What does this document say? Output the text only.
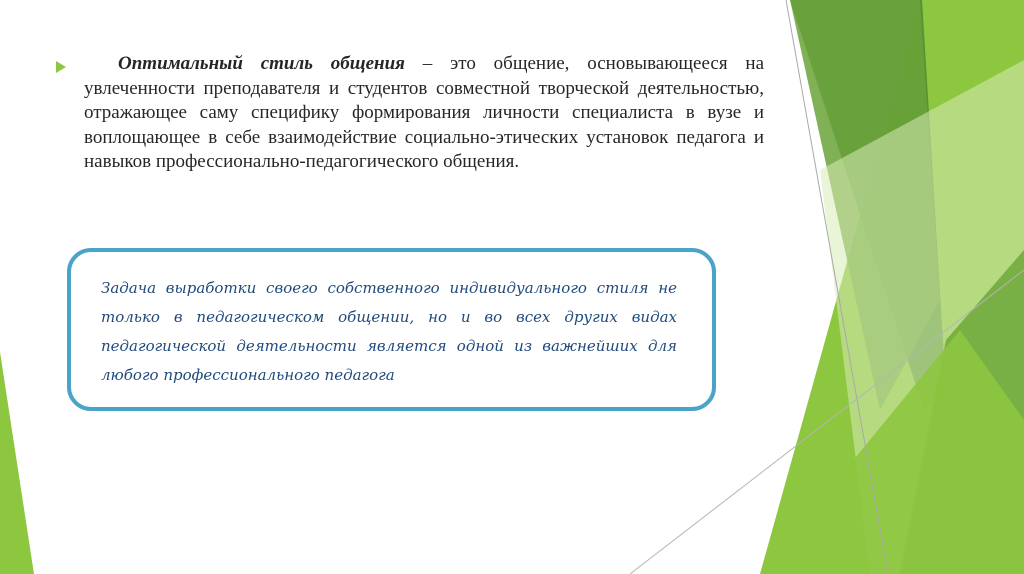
Оптимальный стиль общения – это общение, основывающееся на увлеченности преподавателя и студентов совместной творческой деятельностью, отражающее саму специфику формирования личности специалиста в вузе и воплощающее в себе взаимодействие социально-этических установок педагога и навыков профессионально-педагогического общения.
Задача выработки своего собственного индивидуального стиля не только в педагогическом общении, но и во всех других видах педагогической деятельности является одной из важнейших для любого профессионального педагога
